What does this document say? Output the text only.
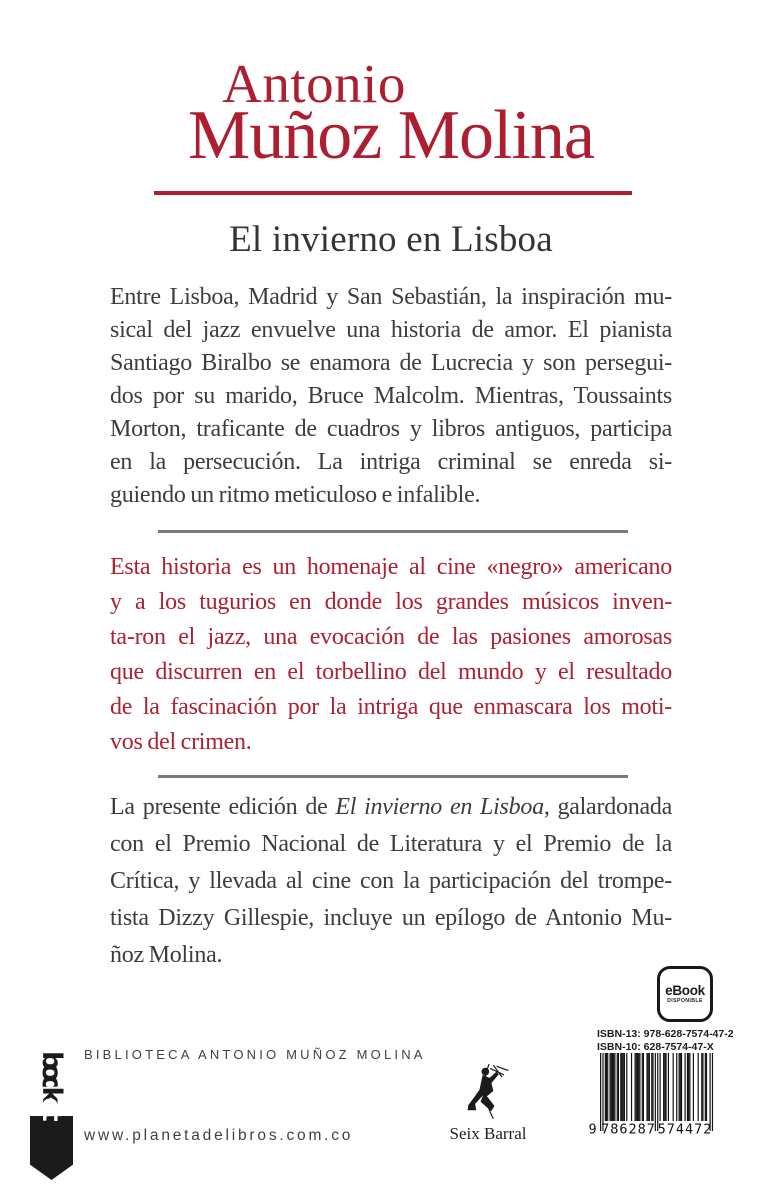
Antonio
Muñoz Molina
El invierno en Lisboa
Entre Lisboa, Madrid y San Sebastián, la inspiración mu-
sical del jazz envuelve una historia de amor. El pianista
Santiago Biralbo se enamora de Lucrecia y son persegui-
dos por su marido, Bruce Malcolm. Mientras, Toussaints
Morton, traficante de cuadros y libros antiguos, participa
en la persecución. La intriga criminal se enreda si-
guiendo un ritmo meticuloso e infalible.
Esta historia es un homenaje al cine «negro» americano
y a los tugurios en donde los grandes músicos inven-
ta-ron el jazz, una evocación de las pasiones amorosas
que discurren en el torbellino del mundo y el resultado
de la fascinación por la intriga que enmascara los moti-
vos del crimen.
La presente edición de El invierno en Lisboa, galardonada
con el Premio Nacional de Literatura y el Premio de la
Crítica, y llevada al cine con la participación del trompe-
tista Dizzy Gillespie, incluye un epílogo de Antonio Mu-
ñoz Molina.
booket
BIBLIOTECA ANTONIO MUÑOZ MOLINA
www.planetadelibros.com.co	Seix Barral
eBook
DISPONIBLE
ISBN-13: 978-628-7574-47-2
ISBN-10: 628-7574-47-X
9 786287 574472
